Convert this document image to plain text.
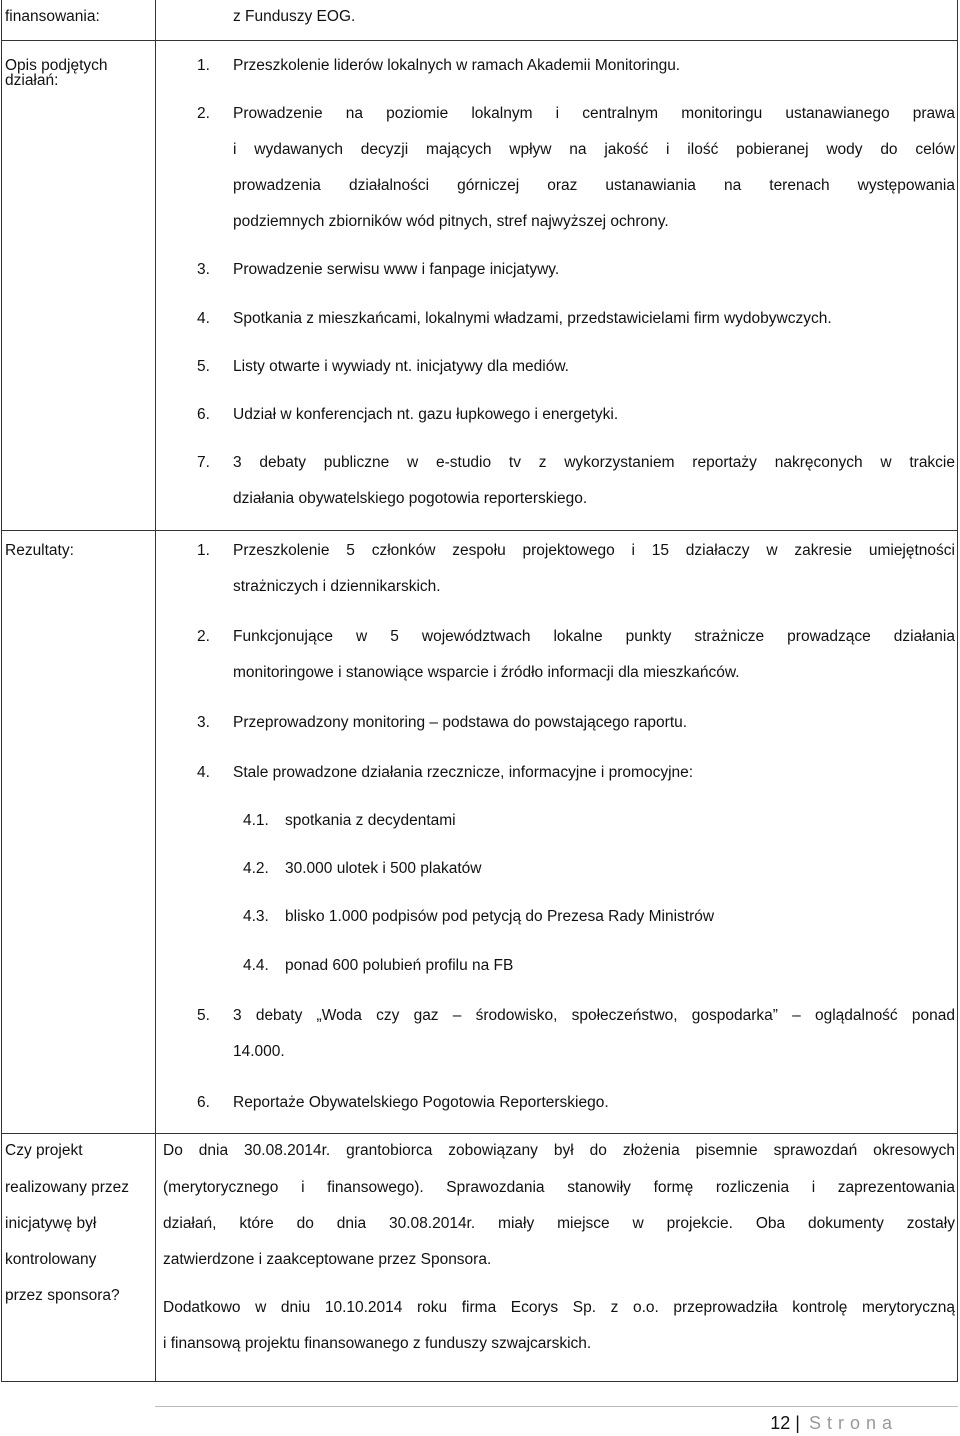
finansowania:	z Funduszy EOG.
Opis podjętych
działań:
1. Przeszkolenie liderów lokalnych w ramach Akademii Monitoringu.
2. Prowadzenie na poziomie lokalnym i centralnym monitoringu ustanawianego prawa
i wydawanych decyzji mających wpływ na jakość i ilość pobieranej wody do celów
prowadzenia działalności górniczej oraz ustanawiania na terenach występowania
podziemnych zbiorników wód pitnych, stref najwyższej ochrony.
3. Prowadzenie serwisu www i fanpage inicjatywy.
4. Spotkania z mieszkańcami, lokalnymi władzami, przedstawicielami firm wydobywczych.
5. Listy otwarte i wywiady nt. inicjatywy dla mediów.
6. Udział w konferencjach nt. gazu łupkowego i energetyki.
7. 3 debaty publiczne w e-studio tv z wykorzystaniem reportaży nakręconych w trakcie
działania obywatelskiego pogotowia reporterskiego.
Rezultaty:	1. Przeszkolenie 5 członków zespołu projektowego i 15 działaczy w zakresie umiejętności
strażniczych i dziennikarskich.
2. Funkcjonujące w 5 województwach lokalne punkty strażnicze prowadzące działania
monitoringowe i stanowiące wsparcie i źródło informacji dla mieszkańców.
3. Przeprowadzony monitoring – podstawa do powstającego raportu.
4. Stale prowadzone działania rzecznicze, informacyjne i promocyjne:
4.1. spotkania z decydentami
4.2. 30.000 ulotek i 500 plakatów
4.3. blisko 1.000 podpisów pod petycją do Prezesa Rady Ministrów
4.4. ponad 600 polubień profilu na FB
5. 3 debaty „Woda czy gaz – środowisko, społeczeństwo, gospodarka” – oglądalność ponad
14.000.
6. Reportaże Obywatelskiego Pogotowia Reporterskiego.
Czy projekt
realizowany przez
inicjatywę był
kontrolowany
przez sponsora?
Do dnia 30.08.2014r. grantobiorca zobowiązany był do złożenia pisemnie sprawozdań okresowych
(merytorycznego i finansowego). Sprawozdania stanowiły formę rozliczenia i zaprezentowania
działań, które do dnia 30.08.2014r. miały miejsce w projekcie. Oba dokumenty zostały
zatwierdzone i zaakceptowane przez Sponsora.
Dodatkowo w dniu 10.10.2014 roku firma Ecorys Sp. z o.o. przeprowadziła kontrolę merytoryczną
i finansową projektu finansowanego z funduszy szwajcarskich.
12 | Strona
